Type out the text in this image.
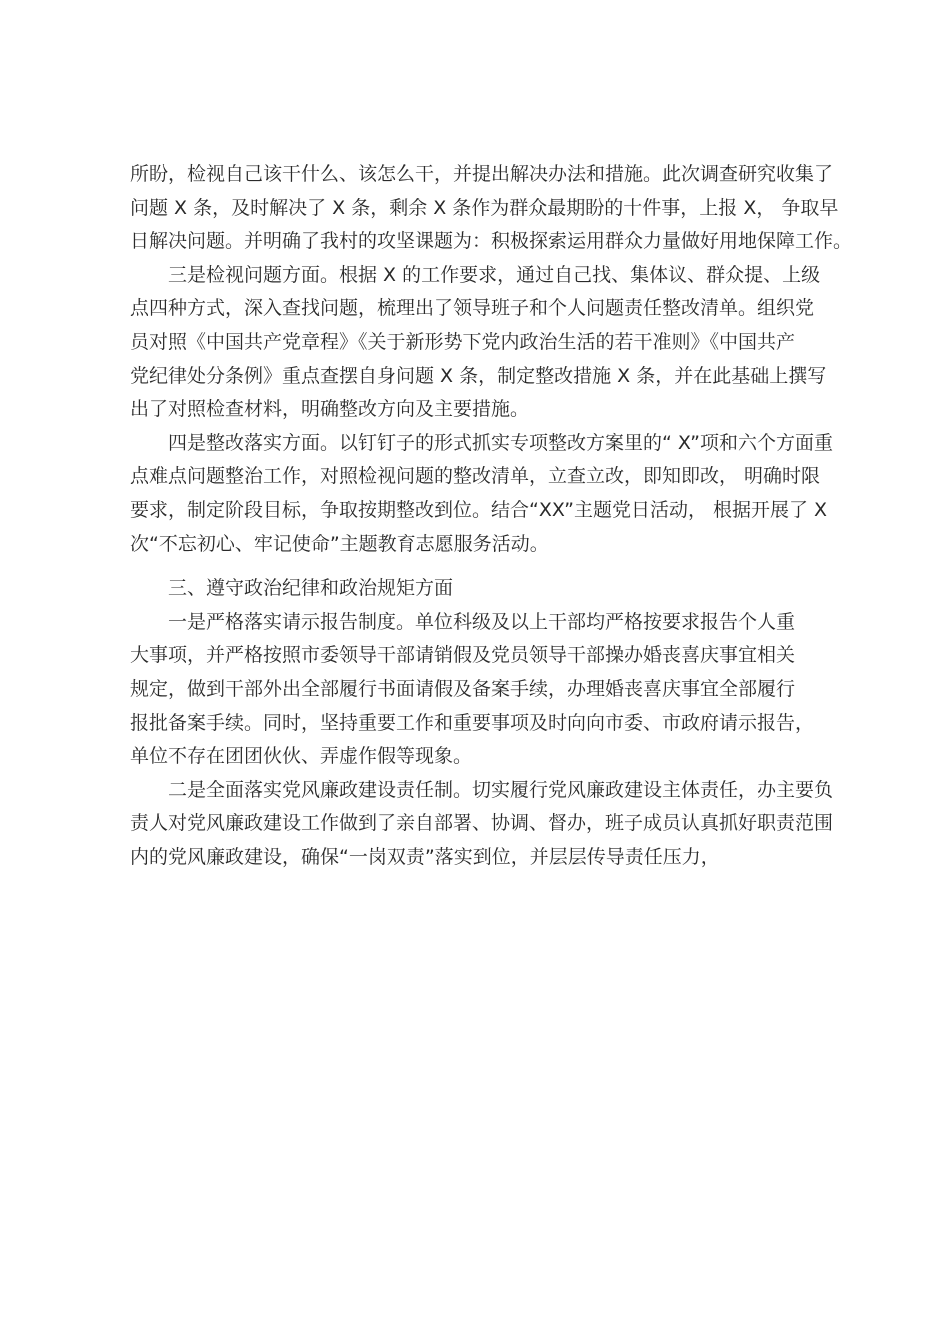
所盼，检视自己该干什么、该怎么干，并提出解决办法和措施。此次调查研究收集了
问题 X 条，及时解决了 X 条，剩余 X 条作为群众最期盼的十件事，上报 X， 争取早
日解决问题。并明确了我村的攻坚课题为：积极探索运用群众力量做好用地保障工作。
三是检视问题方面。根据 X 的工作要求，通过自己找、集体议、群众提、上级
点四种方式，深入查找问题，梳理出了领导班子和个人问题责任整改清单。组织党
员对照《中国共产党章程》《关于新形势下党内政治生活的若干准则》《中国共产
党纪律处分条例》重点查摆自身问题 X 条，制定整改措施 X 条，并在此基础上撰写
出了对照检查材料，明确整改方向及主要措施。
四是整改落实方面。以钉钉子的形式抓实专项整改方案里的“ X”项和六个方面重
点难点问题整治工作，对照检视问题的整改清单，立查立改，即知即改， 明确时限
要求，制定阶段目标，争取按期整改到位。结合“XX”主题党日活动， 根据开展了 X
次“不忘初心、牢记使命”主题教育志愿服务活动。
三、遵守政治纪律和政治规矩方面
一是严格落实请示报告制度。单位科级及以上干部均严格按要求报告个人重
大事项，并严格按照市委领导干部请销假及党员领导干部操办婚丧喜庆事宜相关
规定，做到干部外出全部履行书面请假及备案手续，办理婚丧喜庆事宜全部履行
报批备案手续。同时，坚持重要工作和重要事项及时向向市委、市政府请示报告，
单位不存在团团伙伙、弄虚作假等现象。
二是全面落实党风廉政建设责任制。切实履行党风廉政建设主体责任，办主要负
责人对党风廉政建设工作做到了亲自部署、协调、督办，班子成员认真抓好职责范围
内的党风廉政建设，确保“一岗双责”落实到位，并层层传导责任压力，
